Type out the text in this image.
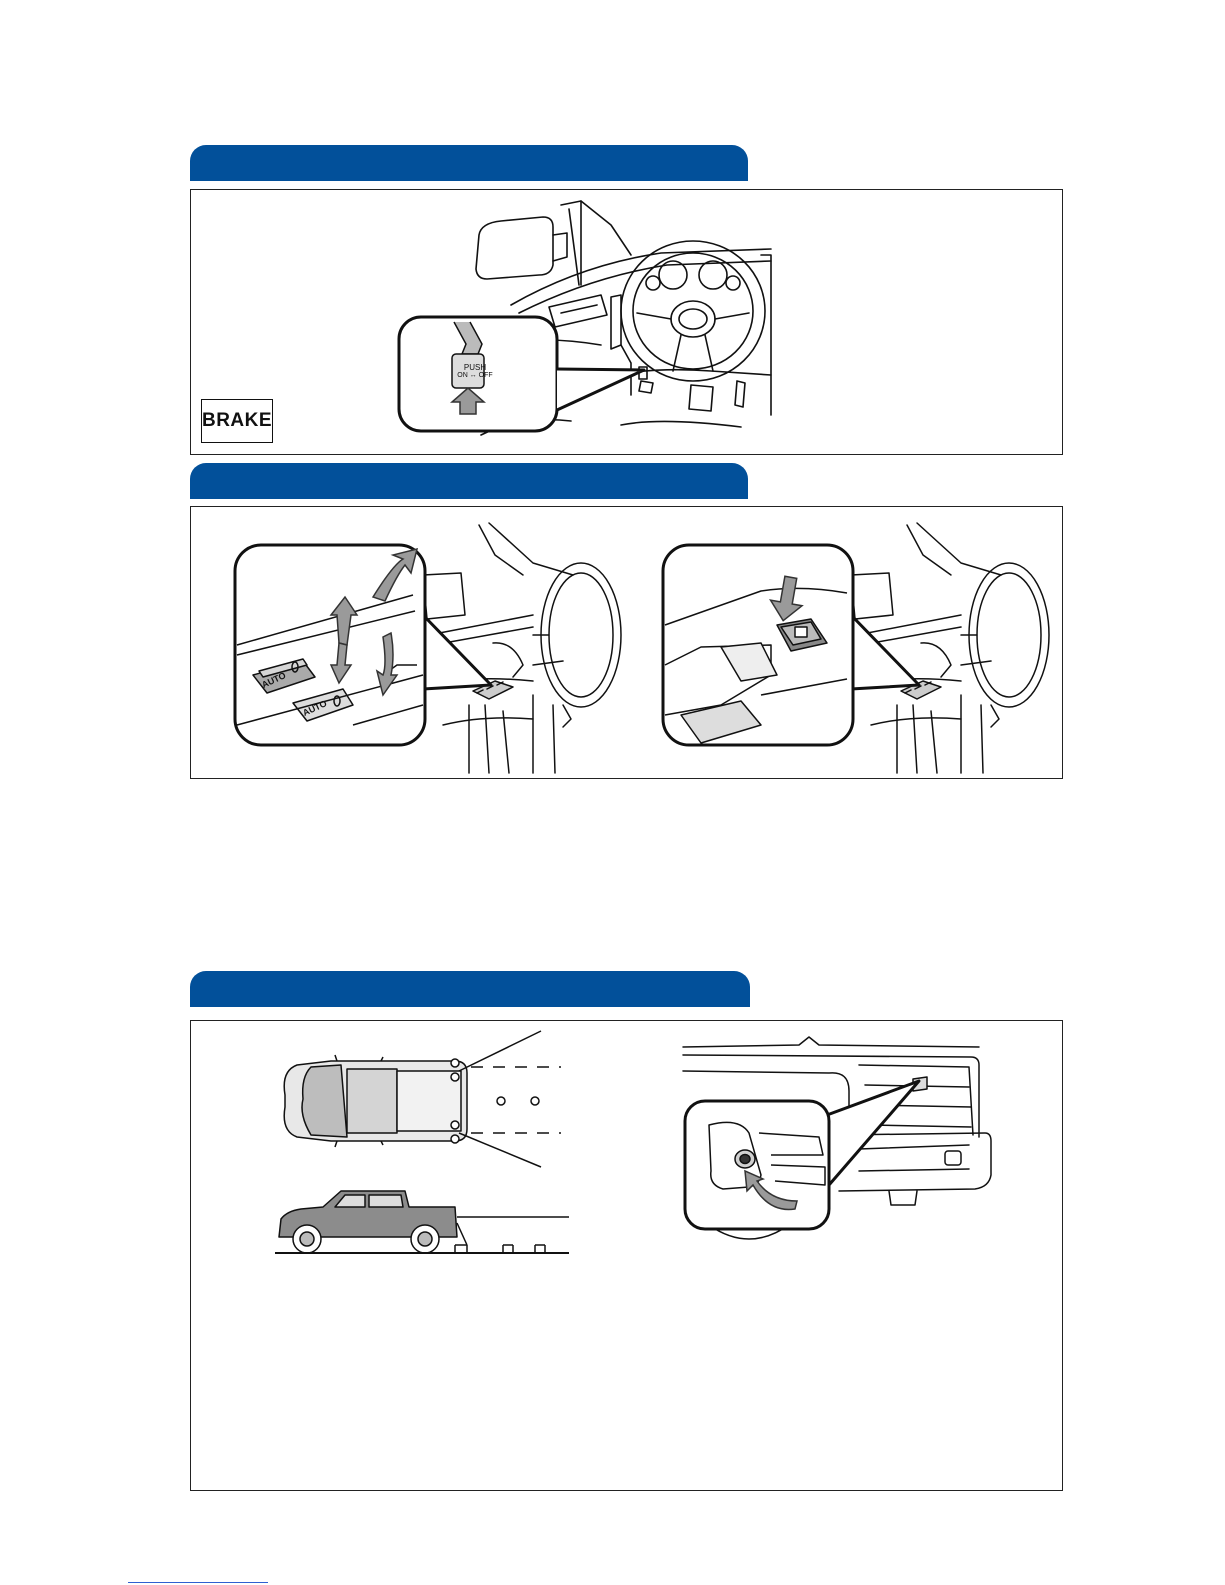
PUSH
ON ↔ OFF
BRAKE
AUTO
AUTO
